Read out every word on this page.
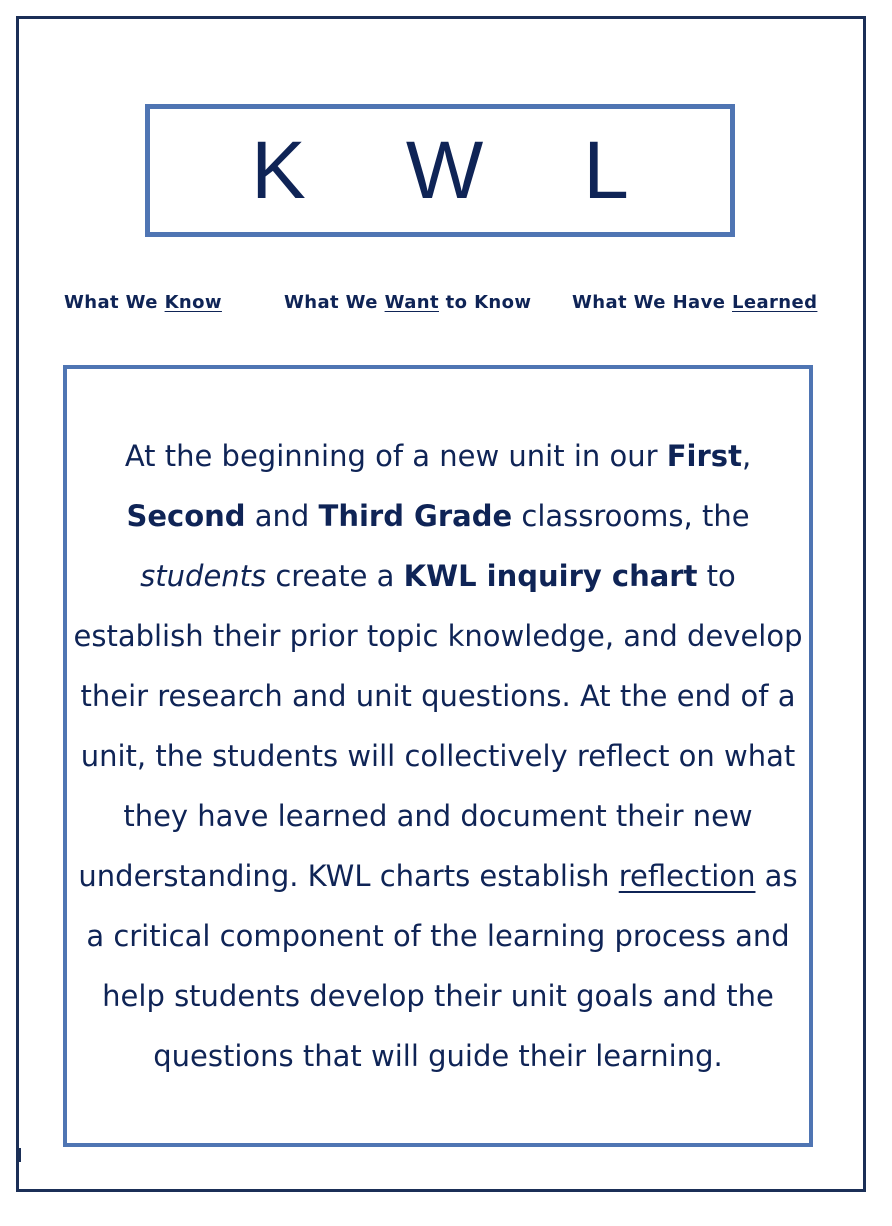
K W L
What We Know	What We Want to Know What We Have Learned

At the beginning of a new unit in our First, Second and Third Grade classrooms, the students create a KWL inquiry chart to establish their prior topic knowledge, and develop their research and unit questions. At the end of a unit, the students will collectively reflect on what they have learned and document their new understanding. KWL charts establish reflection as a critical component of the learning process and help students develop their unit goals and the questions that will guide their learning.
